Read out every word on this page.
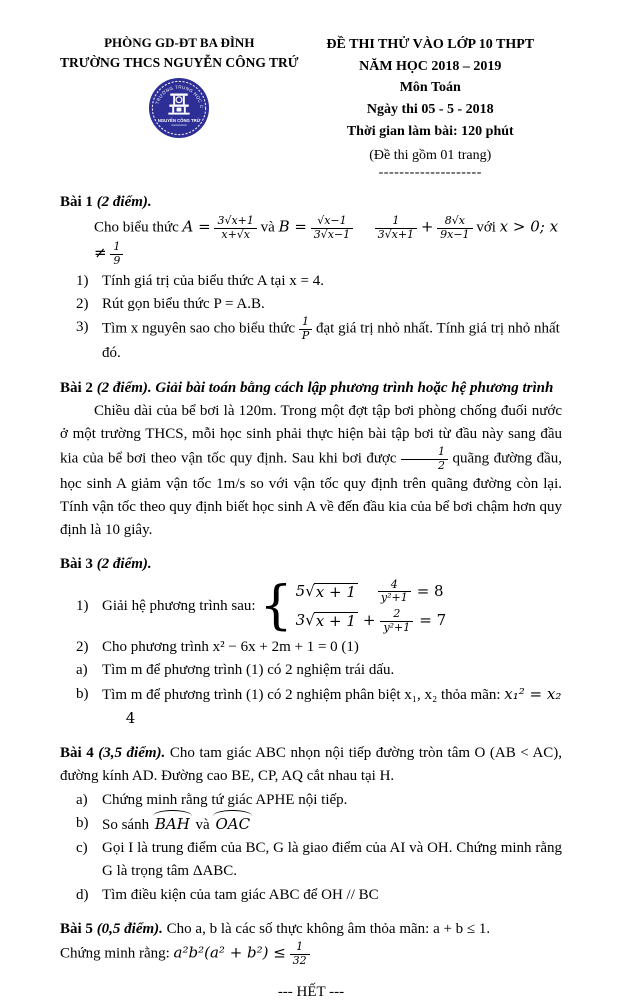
PHÒNG GD-ĐT BA ĐÌNH
TRƯỜNG THCS NGUYỄN CÔNG TRỨ
TRƯỜNG TRUNG HỌC C
NGUYỄN CÔNG TRỨ
ĐỀ THI THỬ VÀO LỚP 10 THPT
NĂM HỌC 2018 – 2019
Môn Toán
Ngày thi 05 - 5 - 2018
Thời gian làm bài: 120 phút
(Đề thi gồm 01 trang)
--------------------
Bài 1 (2 điểm).
Cho biểu thức $A = \frac{3√x+1}{x+√x}$ và $B = \frac{√x-1}{3√x-1}$
$\frac{1}{3√x+1} + \frac{8√x}{9x-1}$ với x > 0; $x \ne \frac{1}{9}$
1) Tính giá trị của biểu thức A tại x = 4.
2) Rút gọn biểu thức P = A.B.
3) Tìm x nguyên sao cho biểu thức $\frac{1}{P}$ đạt giá trị nhỏ nhất. Tính giá trị nhỏ nhất đó.
Bài 2 (2 điểm). Giải bài toán bằng cách lập phương trình hoặc hệ phương trình
Chiều dài của bể bơi là 120m. Trong một đợt tập bơi phòng chống đuối nước ở một trường THCS, mỗi học sinh phải thực hiện bài tập bơi từ đầu này sang đầu kia của bể bơi theo vận tốc quy định. Sau khi bơi được $\frac{1}{2}$ quãng đường đầu, học sinh A giảm vận tốc 1m/s so với vận tốc quy định trên quãng đường còn lại. Tính vận tốc theo quy định biết học sinh A về đến đầu kia của bể bơi chậm hơn quy định là 10 giây.
Bài 3 (2 điểm).
1) Giải hệ phương trình sau: { 5 √ $x + 1 \frac{4}{\text{y²+1}} = 8$
3 √ $x + 1 + \frac{2}{\text{y²+1}} = 7$
2) Cho phương trình x² − 6x + 2m + 1 = 0 (1)
a) Tìm m để phương trình (1) có 2 nghiệm trái dấu.
b) Tìm m để phương trình (1) có 2 nghiệm phân biệt x₁, x₂ thỏa mãn: x₁² = x₂  4
Bài 4 (3,5 điểm). Cho tam giác ABC nhọn nội tiếp đường tròn tâm O (AB < AC), đường kính AD. Đường cao BE, CP, AQ cắt nhau tại H.
a) Chứng minh rằng tứ giác APHE nội tiếp.
b) So sánh BAH và OAC
c) Gọi I là trung điểm của BC, G là giao điểm của AI và OH. Chứng minh rằng G là trọng tâm ΔABC.
d) Tìm điều kiện của tam giác ABC để OH // BC
Bài 5 (0,5 điểm). Cho a, b là các số thực không âm thỏa mãn: a + b ≤ 1.
Chứng minh rằng: $a^2b^2(a^2 + b^2) \le \frac{1}{32}$
--- HẾT ---
